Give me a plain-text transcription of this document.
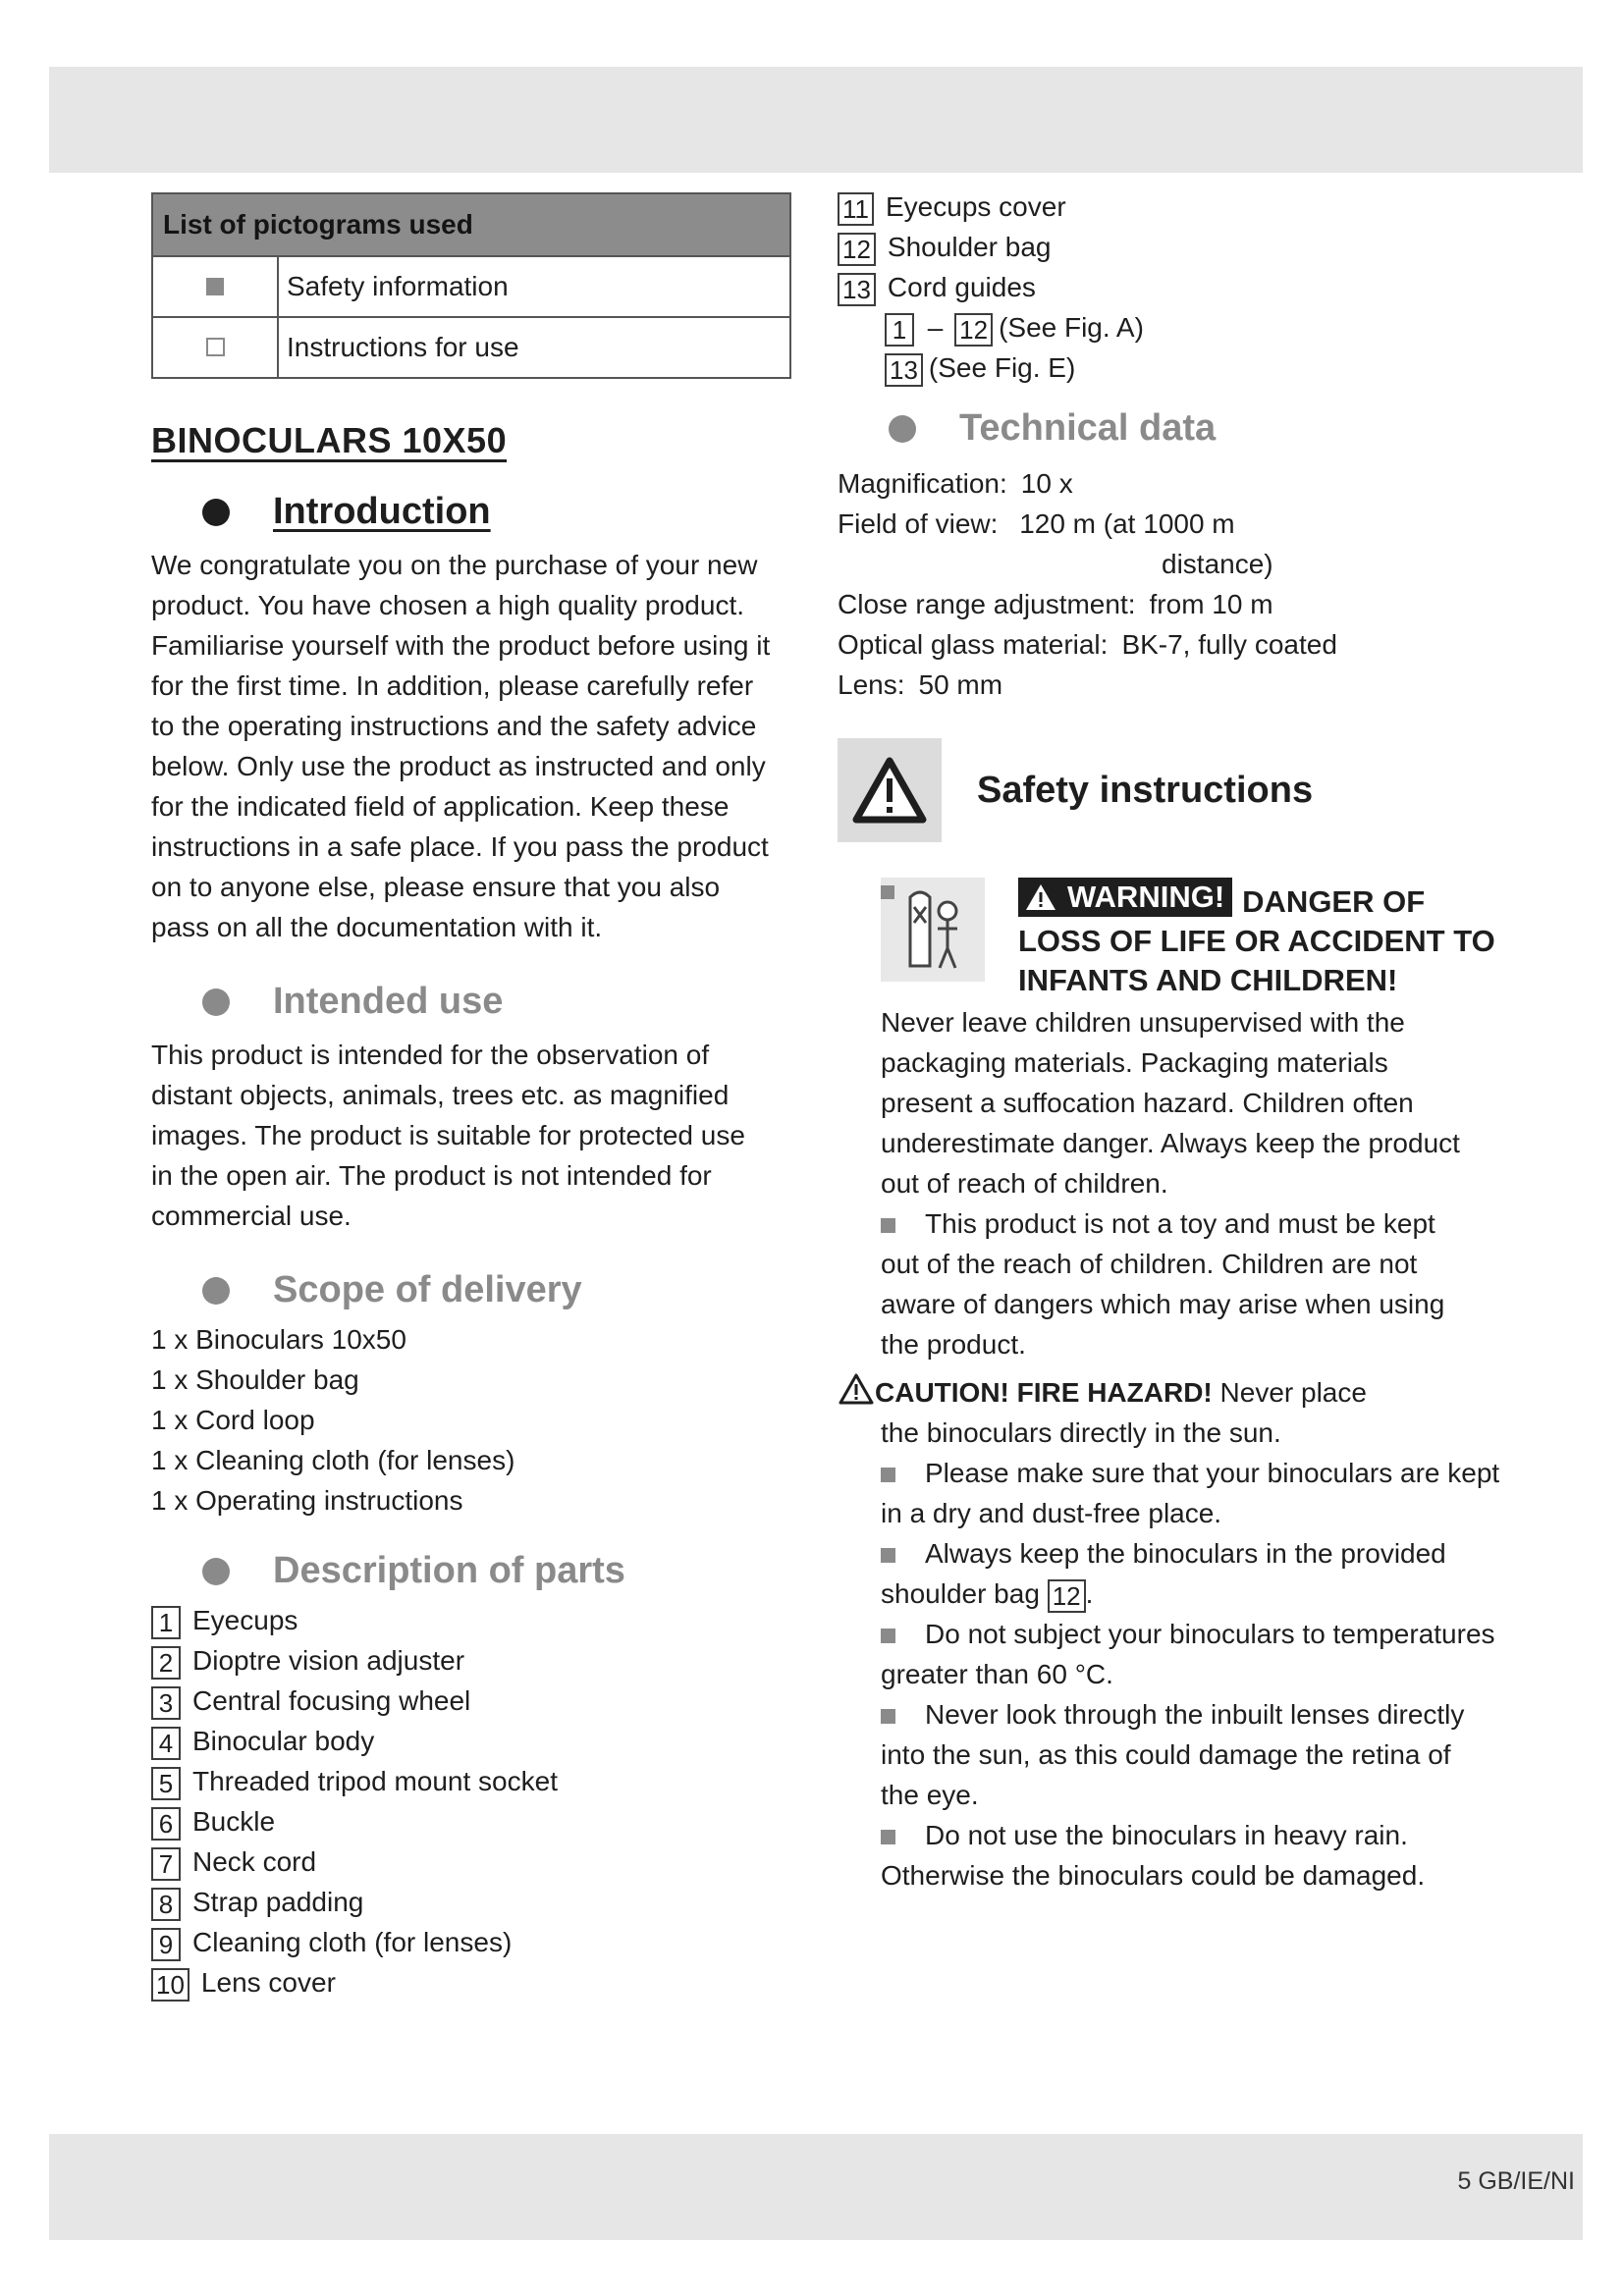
List of pictograms used	
	Safety information
	Instructions for use
BINOCULARS 10X50
Introduction

We congratulate you on the purchase of your new

product. You have chosen a high quality product.

Familiarise yourself with the product before using it

for the first time. In addition, please carefully refer

to the operating instructions and the safety advice

below. Only use the product as instructed and only

for the indicated field of application. Keep these

instructions in a safe place. If you pass the product

on to anyone else, please ensure that you also

pass on all the documentation with it.

Intended use

This product is intended for the observation of

distant objects, animals, trees etc. as magnified

images. The product is suitable for protected use

in the open air. The product is not intended for

commercial use.

Scope of delivery

1 x Binoculars 10x50

1 x Shoulder bag

1 x Cord loop

1 x Cleaning cloth (for lenses)

1 x Operating instructions

Description of parts

1 Eyecups

2 Dioptre vision adjuster

3 Central focusing wheel

4 Binocular body

5 Threaded tripod mount socket

6 Buckle

7 Neck cord

8 Strap padding

9 Cleaning cloth (for lenses)

10 Lens cover

11 Eyecups cover

12 Shoulder bag

13 Cord guides

1 – 12 (See Fig. A)

13 (See Fig. E)

Technical data

Magnification: 10 x

Field of view: 120 m (at 1000 m

distance)

Close range adjustment: from 10 m

Optical glass material: BK-7, fully coated

Lens: 50 mm

Safety instructions
WARNING! DANGER OF
LOSS OF LIFE OR ACCIDENT TO
INFANTS AND CHILDREN!

Never leave children unsupervised with the

packaging materials. Packaging materials

present a suffocation hazard. Children often

underestimate danger. Always keep the product

out of reach of children.

This product is not a toy and must be kept

out of the reach of children. Children are not

aware of dangers which may arise when using

the product.

CAUTION! FIRE HAZARD! Never place

the binoculars directly in the sun.

Please make sure that your binoculars are kept

in a dry and dust-free place.

Always keep the binoculars in the provided

shoulder bag 12 .

Do not subject your binoculars to temperatures

greater than 60 °C.

Never look through the inbuilt lenses directly

into the sun, as this could damage the retina of

the eye.

Do not use the binoculars in heavy rain.

Otherwise the binoculars could be damaged.

5 GB/IE/NI
